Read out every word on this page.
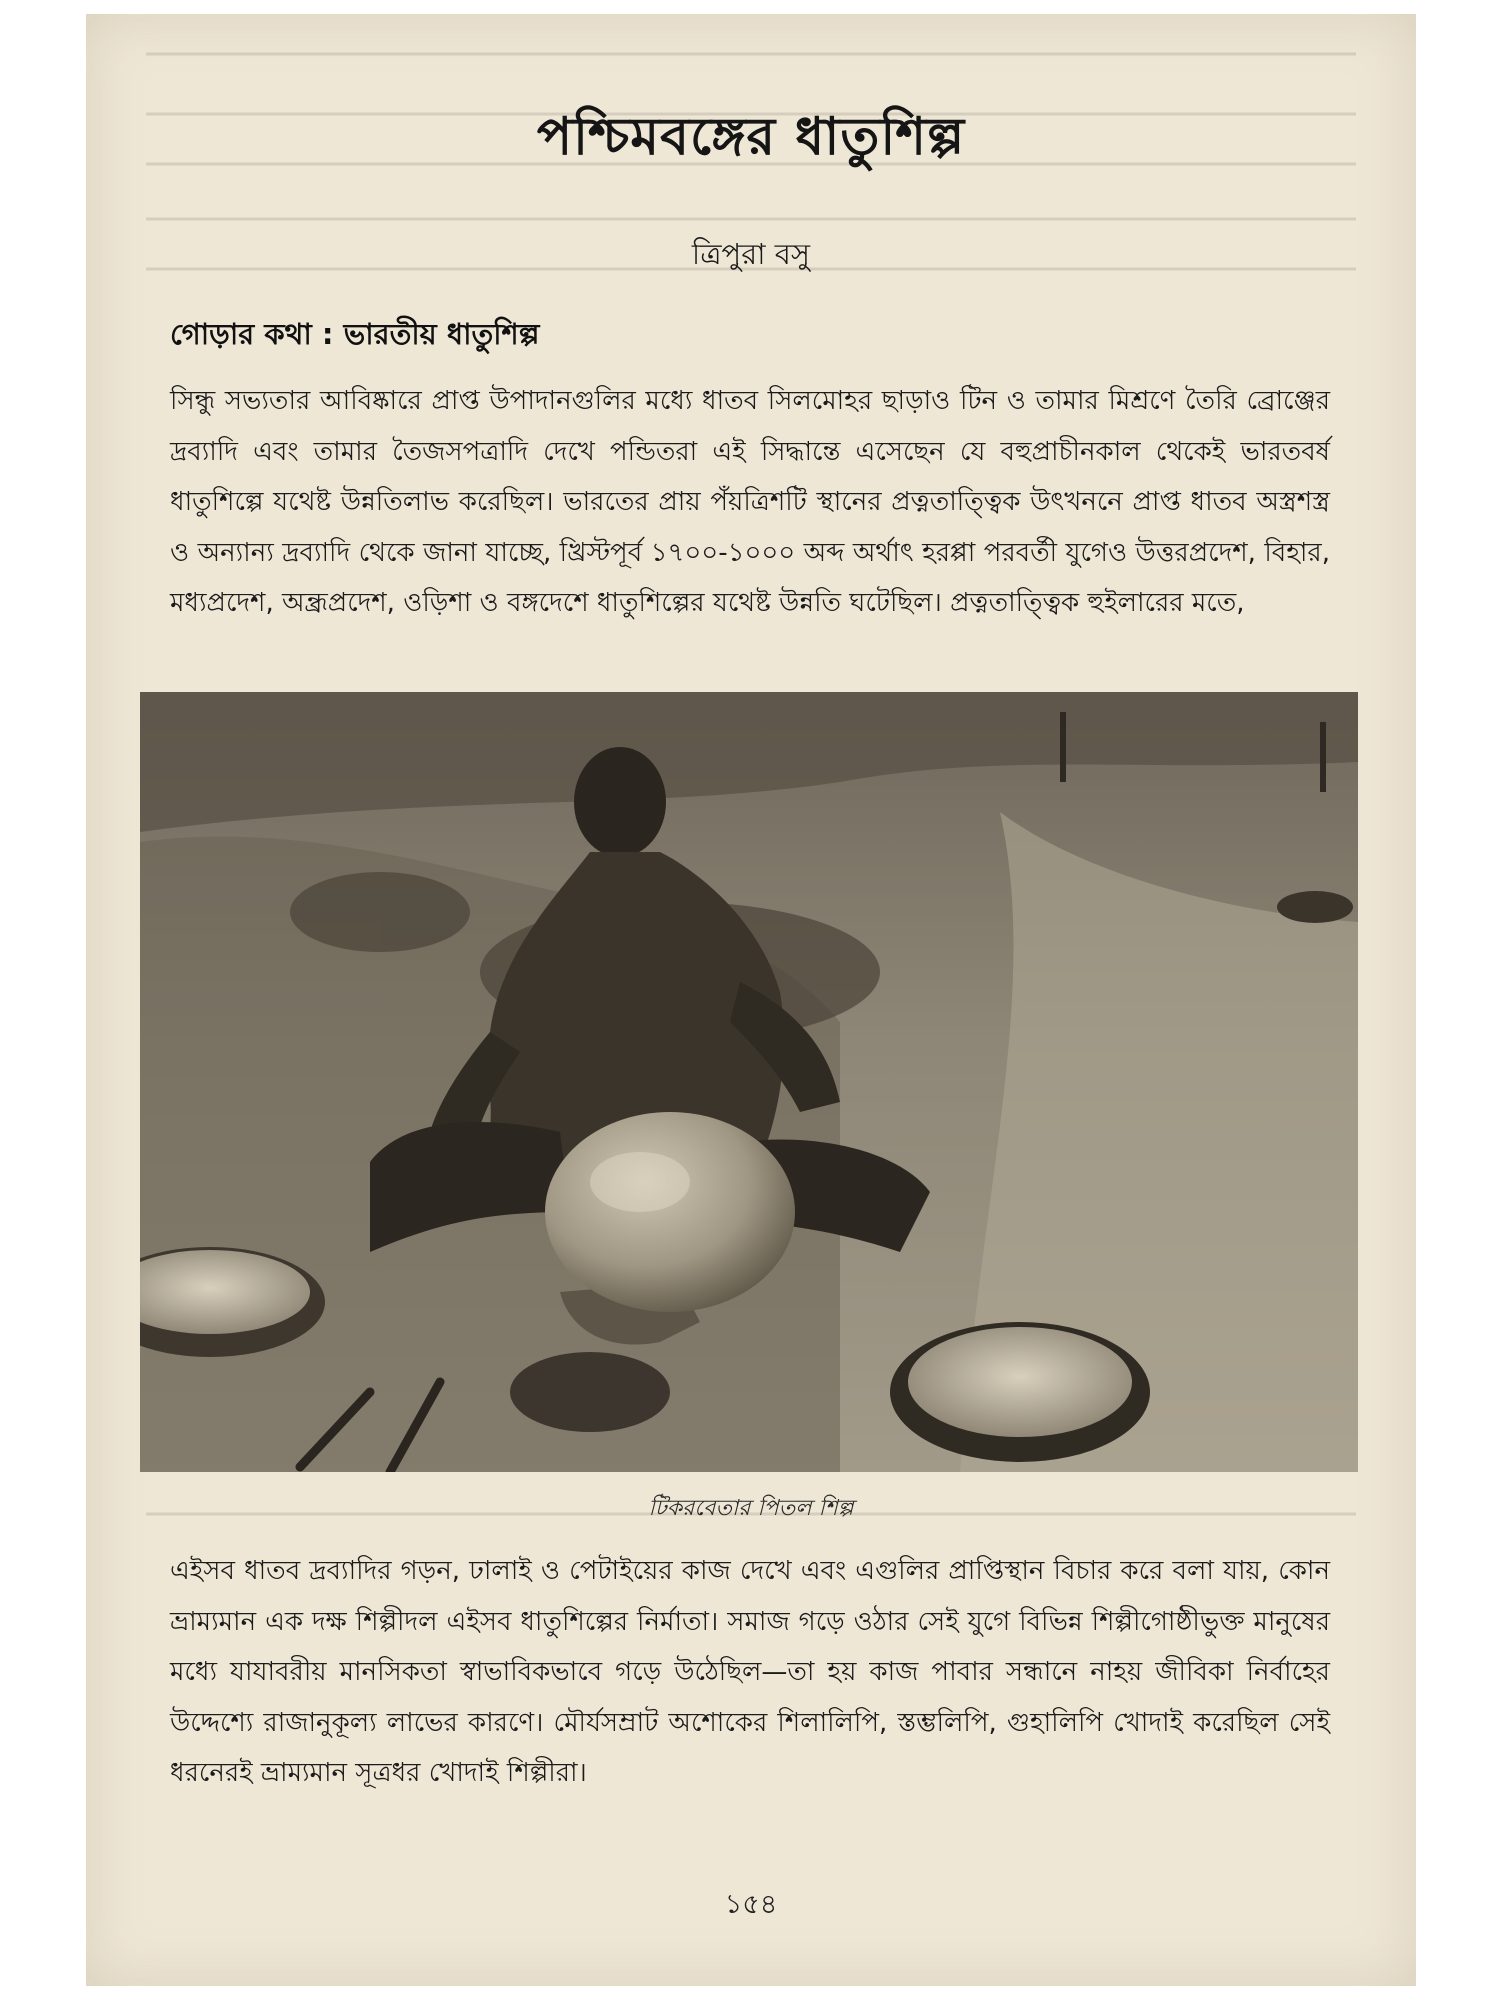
পশ্চিমবঙ্গের ধাতুশিল্প
ত্রিপুরা বসু
গোড়ার কথা : ভারতীয় ধাতুশিল্প

সিন্ধু সভ্যতার আবিষ্কারে প্রাপ্ত উপাদানগুলির মধ্যে ধাতব সিলমোহর ছাড়াও টিন ও তামার মিশ্রণে তৈরি ব্রোঞ্জের দ্রব্যাদি এবং তামার তৈজসপত্রাদি দেখে পন্ডিতরা এই সিদ্ধান্তে এসেছেন যে বহুপ্রাচীনকাল থেকেই ভারতবর্ষ ধাতুশিল্পে যথেষ্ট উন্নতিলাভ করেছিল। ভারতের প্রায় পঁয়ত্রিশটি স্থানের প্রত্নতাত্ত্বিক উৎখননে প্রাপ্ত ধাতব অস্ত্রশস্ত্র ও অন্যান্য দ্রব্যাদি থেকে জানা যাচ্ছে, খ্রিস্টপূর্ব ১৭০০-১০০০ অব্দ অর্থাৎ হরপ্পা পরবর্তী যুগেও উত্তরপ্রদেশ, বিহার, মধ্যপ্রদেশ, অন্ধ্রপ্রদেশ, ওড়িশা ও বঙ্গদেশে ধাতুশিল্পের যথেষ্ট উন্নতি ঘটেছিল। প্রত্নতাত্ত্বিক হুইলারের মতে,

টিকরবেতার পিতল শিল্প

এইসব ধাতব দ্রব্যাদির গড়ন, ঢালাই ও পেটাইয়ের কাজ দেখে এবং এগুলির প্রাপ্তিস্থান বিচার করে বলা যায়, কোন ভ্রাম্যমান এক দক্ষ শিল্পীদল এইসব ধাতুশিল্পের নির্মাতা। সমাজ গড়ে ওঠার সেই যুগে বিভিন্ন শিল্পীগোষ্ঠীভুক্ত মানুষের মধ্যে যাযাবরীয় মানসিকতা স্বাভাবিকভাবে গড়ে উঠেছিল—তা হয় কাজ পাবার সন্ধানে নাহয় জীবিকা নির্বাহের উদ্দেশ্যে রাজানুকূল্য লাভের কারণে। মৌর্যসম্রাট অশোকের শিলালিপি, স্তম্ভলিপি, গুহালিপি খোদাই করেছিল সেই ধরনেরই ভ্রাম্যমান সূত্রধর খোদাই শিল্পীরা।

১৫৪
